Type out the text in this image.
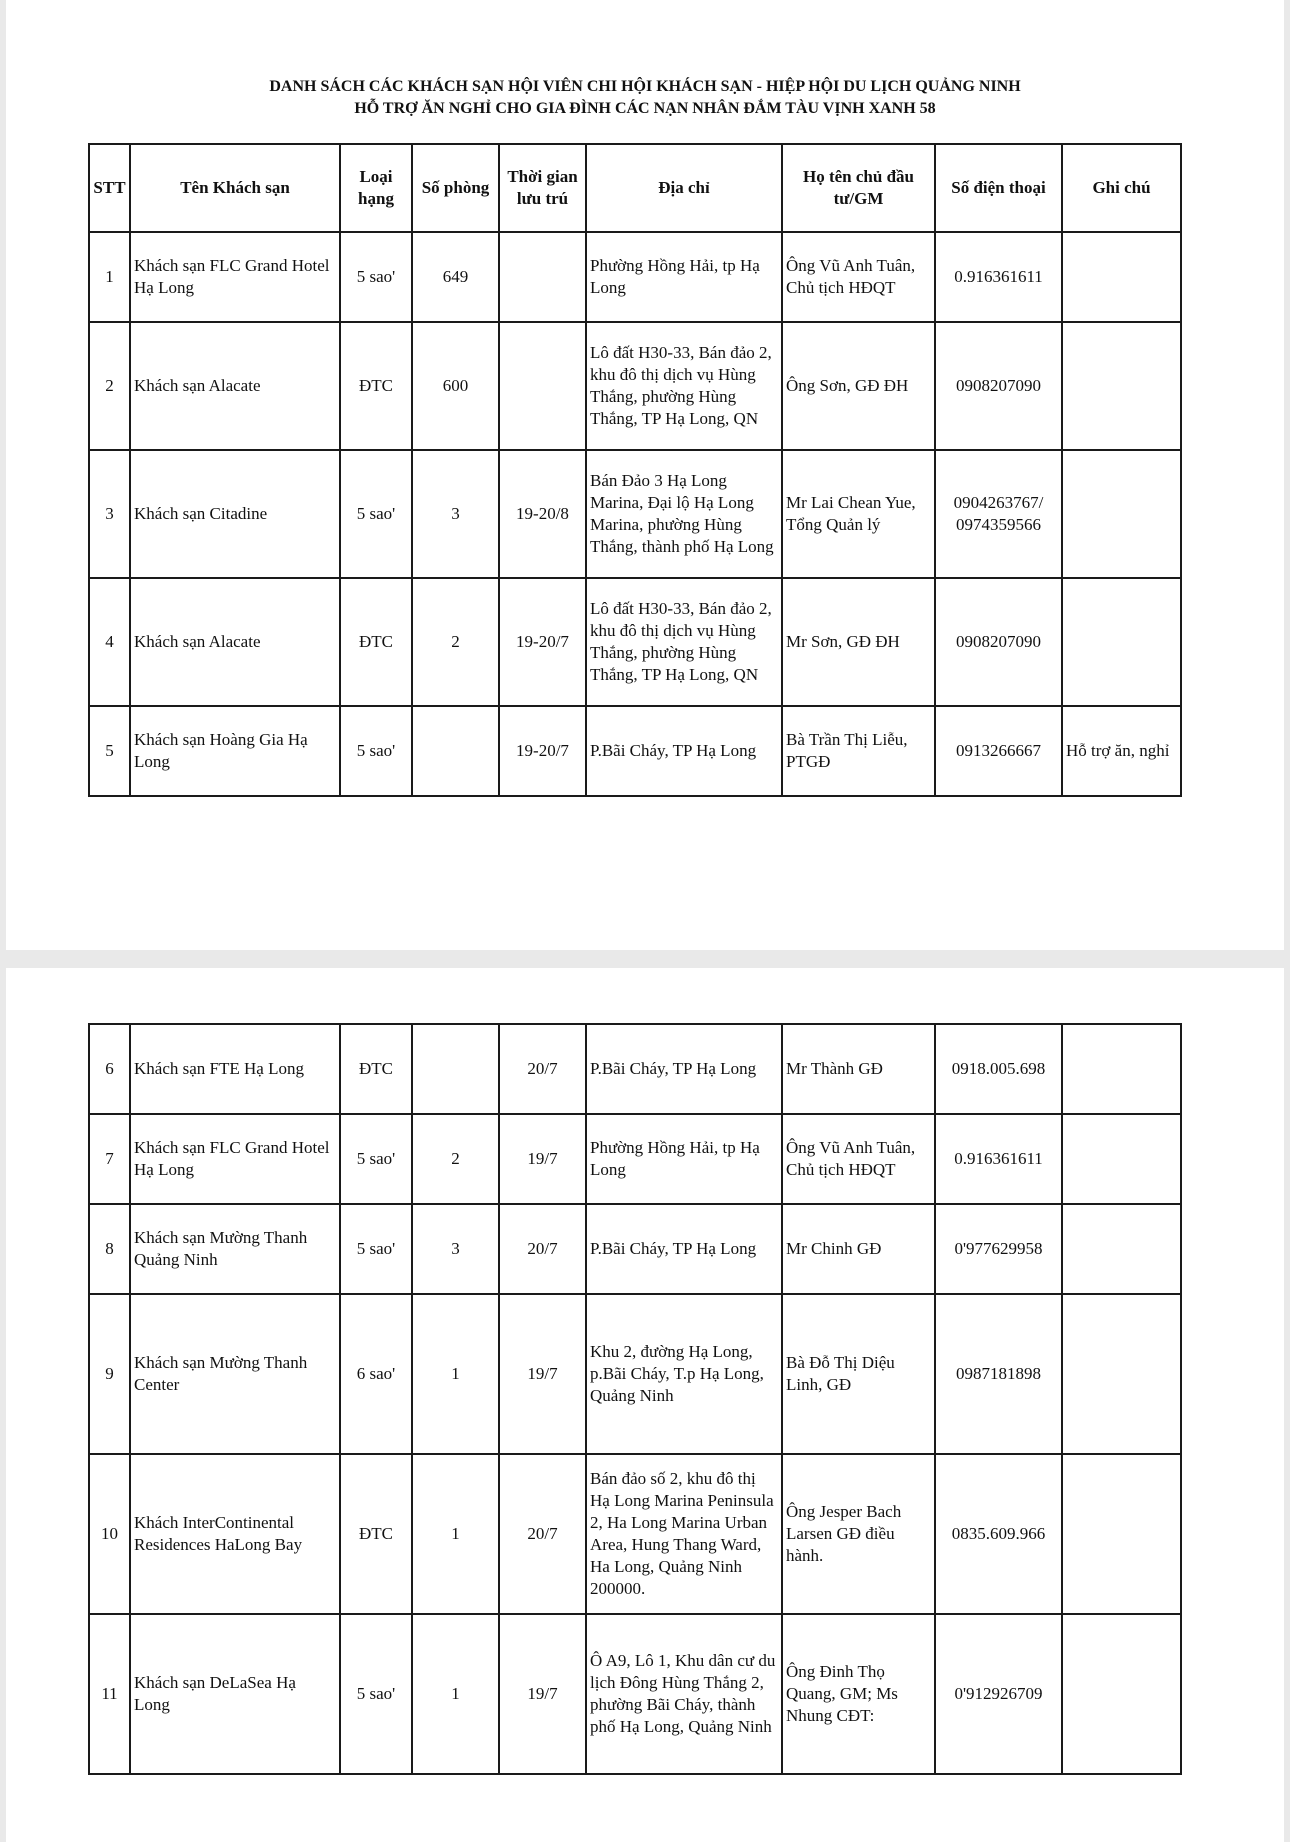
DANH SÁCH CÁC KHÁCH SẠN HỘI VIÊN CHI HỘI KHÁCH SẠN - HIỆP HỘI DU LỊCH QUẢNG NINH
HỖ TRỢ ĂN NGHỈ CHO GIA ĐÌNH CÁC NẠN NHÂN ĐẮM TÀU VỊNH XANH 58
STT	Tên Khách sạn	Loại hạng	Số phòng	Thời gian lưu trú	Địa chỉ	Họ tên chủ đầu tư/GM	Số điện thoại	Ghi chú
1	Khách sạn FLC Grand Hotel Hạ Long	5 sao'	649		Phường Hồng Hải, tp Hạ Long	Ông Vũ Anh Tuân, Chủ tịch HĐQT	0.916361611	
2	Khách sạn Alacate	ĐTC	600		Lô đất H30-33, Bán đảo 2, khu đô thị dịch vụ Hùng Thắng, phường Hùng Thắng, TP Hạ Long, QN	Ông Sơn, GĐ ĐH	0908207090	
3	Khách sạn Citadine	5 sao'	3	19-20/8	Bán Đảo 3 Hạ Long Marina, Đại lộ Hạ Long Marina, phường Hùng Thắng, thành phố Hạ Long	Mr Lai Chean Yue, Tổng Quản lý	0904263767/ 0974359566	
4	Khách sạn Alacate	ĐTC	2	19-20/7	Lô đất H30-33, Bán đảo 2, khu đô thị dịch vụ Hùng Thắng, phường Hùng Thắng, TP Hạ Long, QN	Mr Sơn, GĐ ĐH	0908207090	
5	Khách sạn Hoàng Gia Hạ Long	5 sao'		19-20/7	P.Bãi Cháy, TP Hạ Long	Bà Trần Thị Liễu, PTGĐ	0913266667	Hỗ trợ ăn, nghỉ
6	Khách sạn FTE Hạ Long	ĐTC		20/7	P.Bãi Cháy, TP Hạ Long	Mr Thành GĐ	0918.005.698	
7	Khách sạn FLC Grand Hotel Hạ Long	5 sao'	2	19/7	Phường Hồng Hải, tp Hạ Long	Ông Vũ Anh Tuân, Chủ tịch HĐQT	0.916361611	
8	Khách sạn Mường Thanh Quảng Ninh	5 sao'	3	20/7	P.Bãi Cháy, TP Hạ Long	Mr Chinh GĐ	0'977629958	
9	Khách sạn Mường Thanh Center	6 sao'	1	19/7	Khu 2, đường Hạ Long, p.Bãi Cháy, T.p Hạ Long, Quảng Ninh	Bà Đỗ Thị Diệu Linh, GĐ	0987181898	
10	Khách InterContinental Residences HaLong Bay	ĐTC	1	20/7	Bán đảo số 2, khu đô thị Hạ Long Marina Peninsula 2, Ha Long Marina Urban Area, Hung Thang Ward, Ha Long, Quảng Ninh 200000.	Ông Jesper Bach Larsen GĐ điều hành.	0835.609.966	
11	Khách sạn DeLaSea Hạ Long	5 sao'	1	19/7	Ô A9, Lô 1, Khu dân cư du lịch Đông Hùng Thắng 2, phường Bãi Cháy, thành phố Hạ Long, Quảng Ninh	Ông Đinh Thọ Quang, GM; Ms Nhung CĐT:	0'912926709	
